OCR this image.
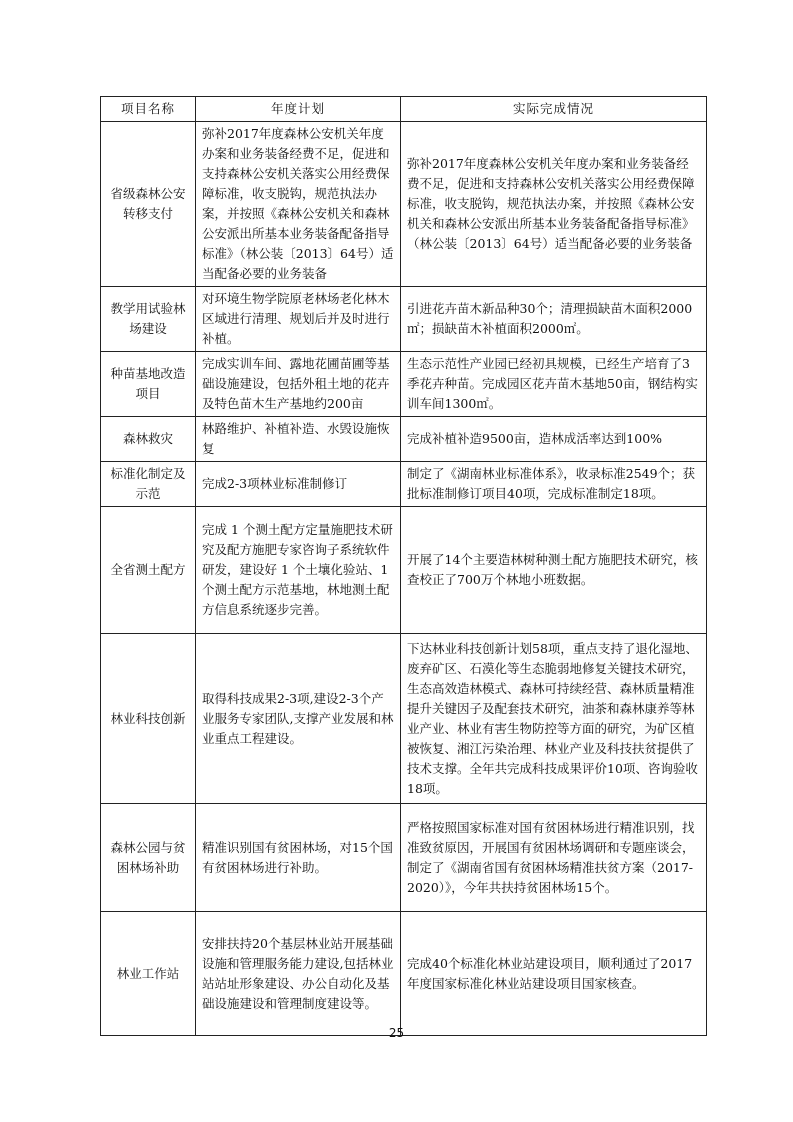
项目名称	年度计划	实际完成情况
省级森林公安转移支付	弥补2017年度森林公安机关年度办案和业务装备经费不足，促进和支持森林公安机关落实公用经费保障标准，收支脱钩，规范执法办案，并按照《森林公安机关和森林公安派出所基本业务装备配备指导标准》（林公装〔2013〕64号）适当配备必要的业务装备	弥补2017年度森林公安机关年度办案和业务装备经费不足，促进和支持森林公安机关落实公用经费保障标准，收支脱钩，规范执法办案，并按照《森林公安机关和森林公安派出所基本业务装备配备指导标准》（林公装〔2013〕64号）适当配备必要的业务装备
教学用试验林场建设	对环境生物学院原老林场老化林木区域进行清理、规划后并及时进行补植。	引进花卉苗木新品种30个；清理损缺苗木面积2000㎡；损缺苗木补植面积2000㎡。
种苗基地改造项目	完成实训车间、露地花圃苗圃等基础设施建设，包括外租土地的花卉及特色苗木生产基地约200亩	生态示范性产业园已经初具规模，已经生产培育了3季花卉种苗。完成园区花卉苗木基地50亩，钢结构实训车间1300㎡。
森林救灾	林路维护、补植补造、水毁设施恢复	完成补植补造9500亩，造林成活率达到100%
标准化制定及示范	完成2-3项林业标准制修订	制定了《湖南林业标准体系》，收录标准2549个；获批标准制修订项目40项，完成标准制定18项。
全省测土配方	完成 1 个测土配方定量施肥技术研究及配方施肥专家咨询子系统软件研发，建设好 1 个土壤化验站、1个测土配方示范基地，林地测土配方信息系统逐步完善。	开展了14个主要造林树种测土配方施肥技术研究，核查校正了700万个林地小班数据。
林业科技创新	取得科技成果2-3项,建设2-3个产业服务专家团队,支撑产业发展和林业重点工程建设。	下达林业科技创新计划58项，重点支持了退化湿地、废弃矿区、石漠化等生态脆弱地修复关键技术研究，生态高效造林模式、森林可持续经营、森林质量精准提升关键因子及配套技术研究，油茶和森林康养等林业产业、林业有害生物防控等方面的研究，为矿区植被恢复、湘江污染治理、林业产业及科技扶贫提供了技术支撑。全年共完成科技成果评价10项、咨询验收18项。
森林公园与贫困林场补助	精准识别国有贫困林场，对15个国有贫困林场进行补助。	严格按照国家标准对国有贫困林场进行精准识别，找准致贫原因，开展国有贫困林场调研和专题座谈会，制定了《湖南省国有贫困林场精准扶贫方案（2017-2020）》，今年共扶持贫困林场15个。
林业工作站	安排扶持20个基层林业站开展基础设施和管理服务能力建设,包括林业站站址形象建设、办公自动化及基础设施建设和管理制度建设等。	完成40个标准化林业站建设项目，顺利通过了2017年度国家标准化林业站建设项目国家核查。
25
